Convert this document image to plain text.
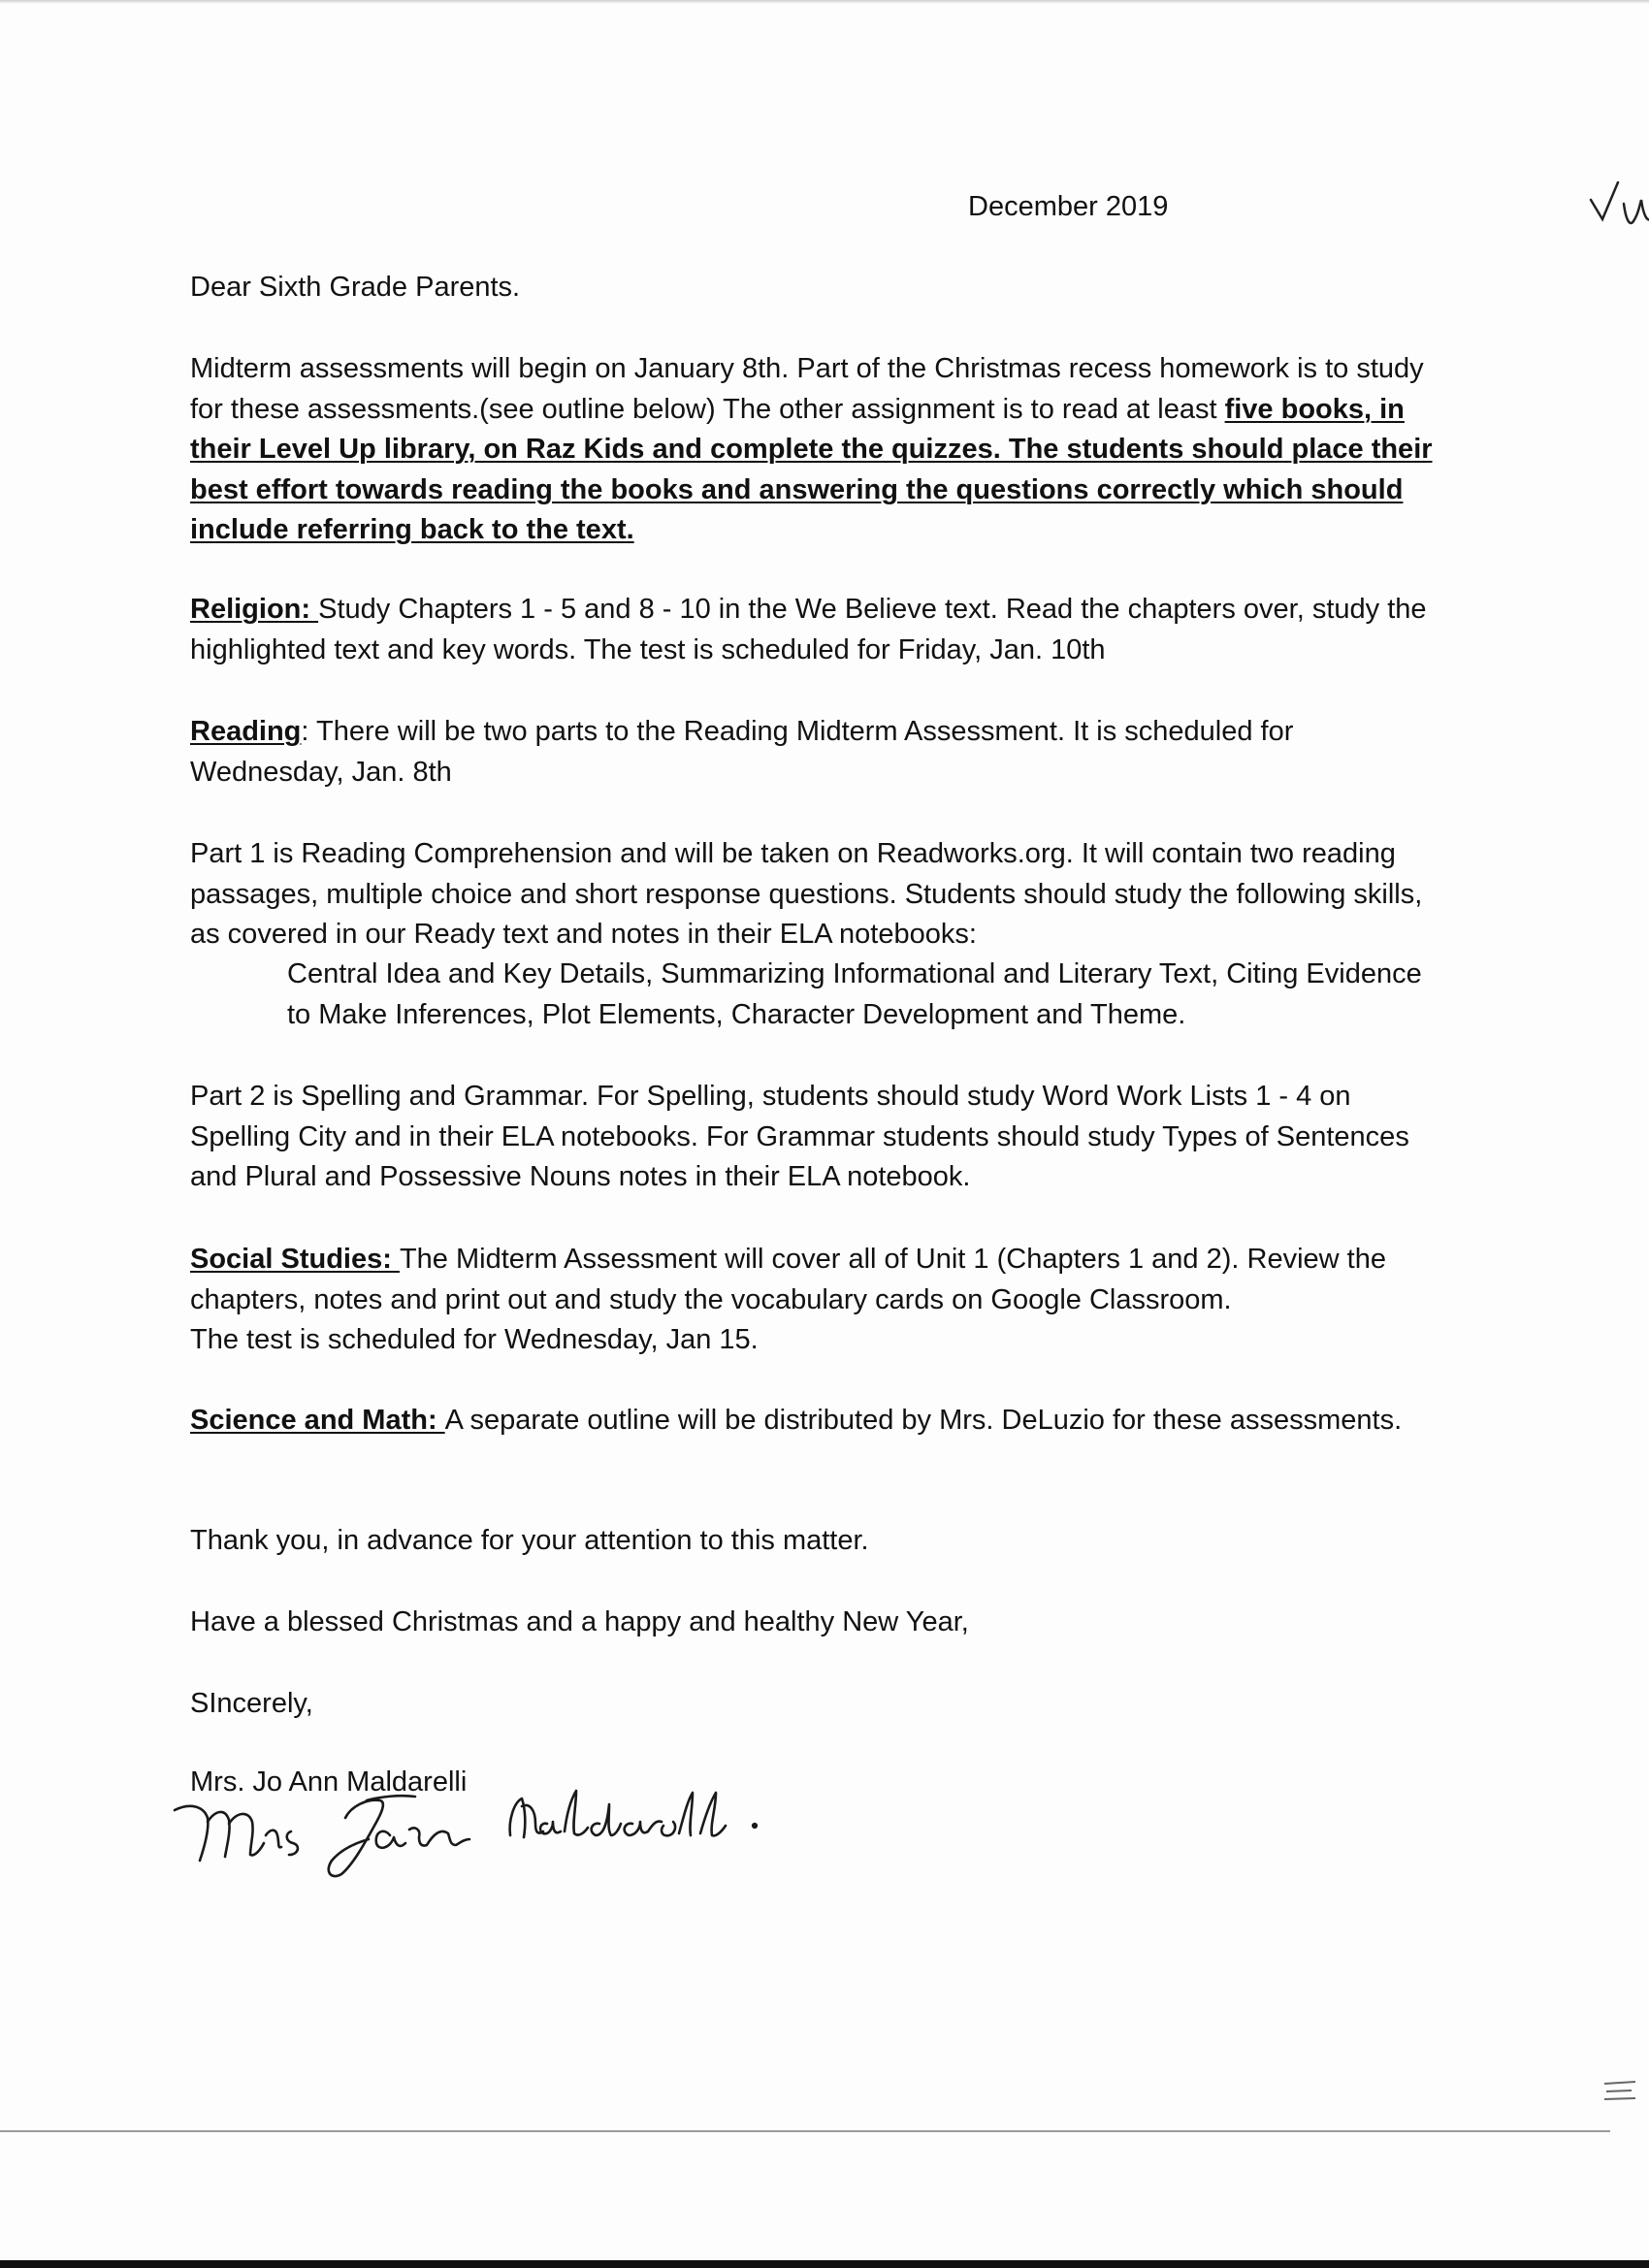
December 2019

Dear Sixth Grade Parents.

Midterm assessments will begin on January 8th. Part of the Christmas recess homework is to study for these assessments.(see outline below) The other assignment is to read at least five books, in their Level Up library, on Raz Kids and complete the quizzes. The students should place their best effort towards reading the books and answering the questions correctly which should include referring back to the text.

Religion: Study Chapters 1 - 5 and 8 - 10 in the We Believe text. Read the chapters over, study the highlighted text and key words. The test is scheduled for Friday, Jan. 10th

Reading: There will be two parts to the Reading Midterm Assessment. It is scheduled for Wednesday, Jan. 8th

Part 1 is Reading Comprehension and will be taken on Readworks.org. It will contain two reading passages, multiple choice and short response questions. Students should study the following skills, as covered in our Ready text and notes in their ELA notebooks:

Central Idea and Key Details, Summarizing Informational and Literary Text, Citing Evidence to Make Inferences, Plot Elements, Character Development and Theme.

Part 2 is Spelling and Grammar. For Spelling, students should study Word Work Lists 1 - 4 on Spelling City and in their ELA notebooks. For Grammar students should study Types of Sentences and Plural and Possessive Nouns notes in their ELA notebook.

Social Studies: The Midterm Assessment will cover all of Unit 1 (Chapters 1 and 2). Review the chapters, notes and print out and study the vocabulary cards on Google Classroom.
The test is scheduled for Wednesday, Jan 15.

Science and Math: A separate outline will be distributed by Mrs. DeLuzio for these assessments.

Thank you, in advance for your attention to this matter.

Have a blessed Christmas and a happy and healthy New Year,

SIncerely,

Mrs. Jo Ann Maldarelli
